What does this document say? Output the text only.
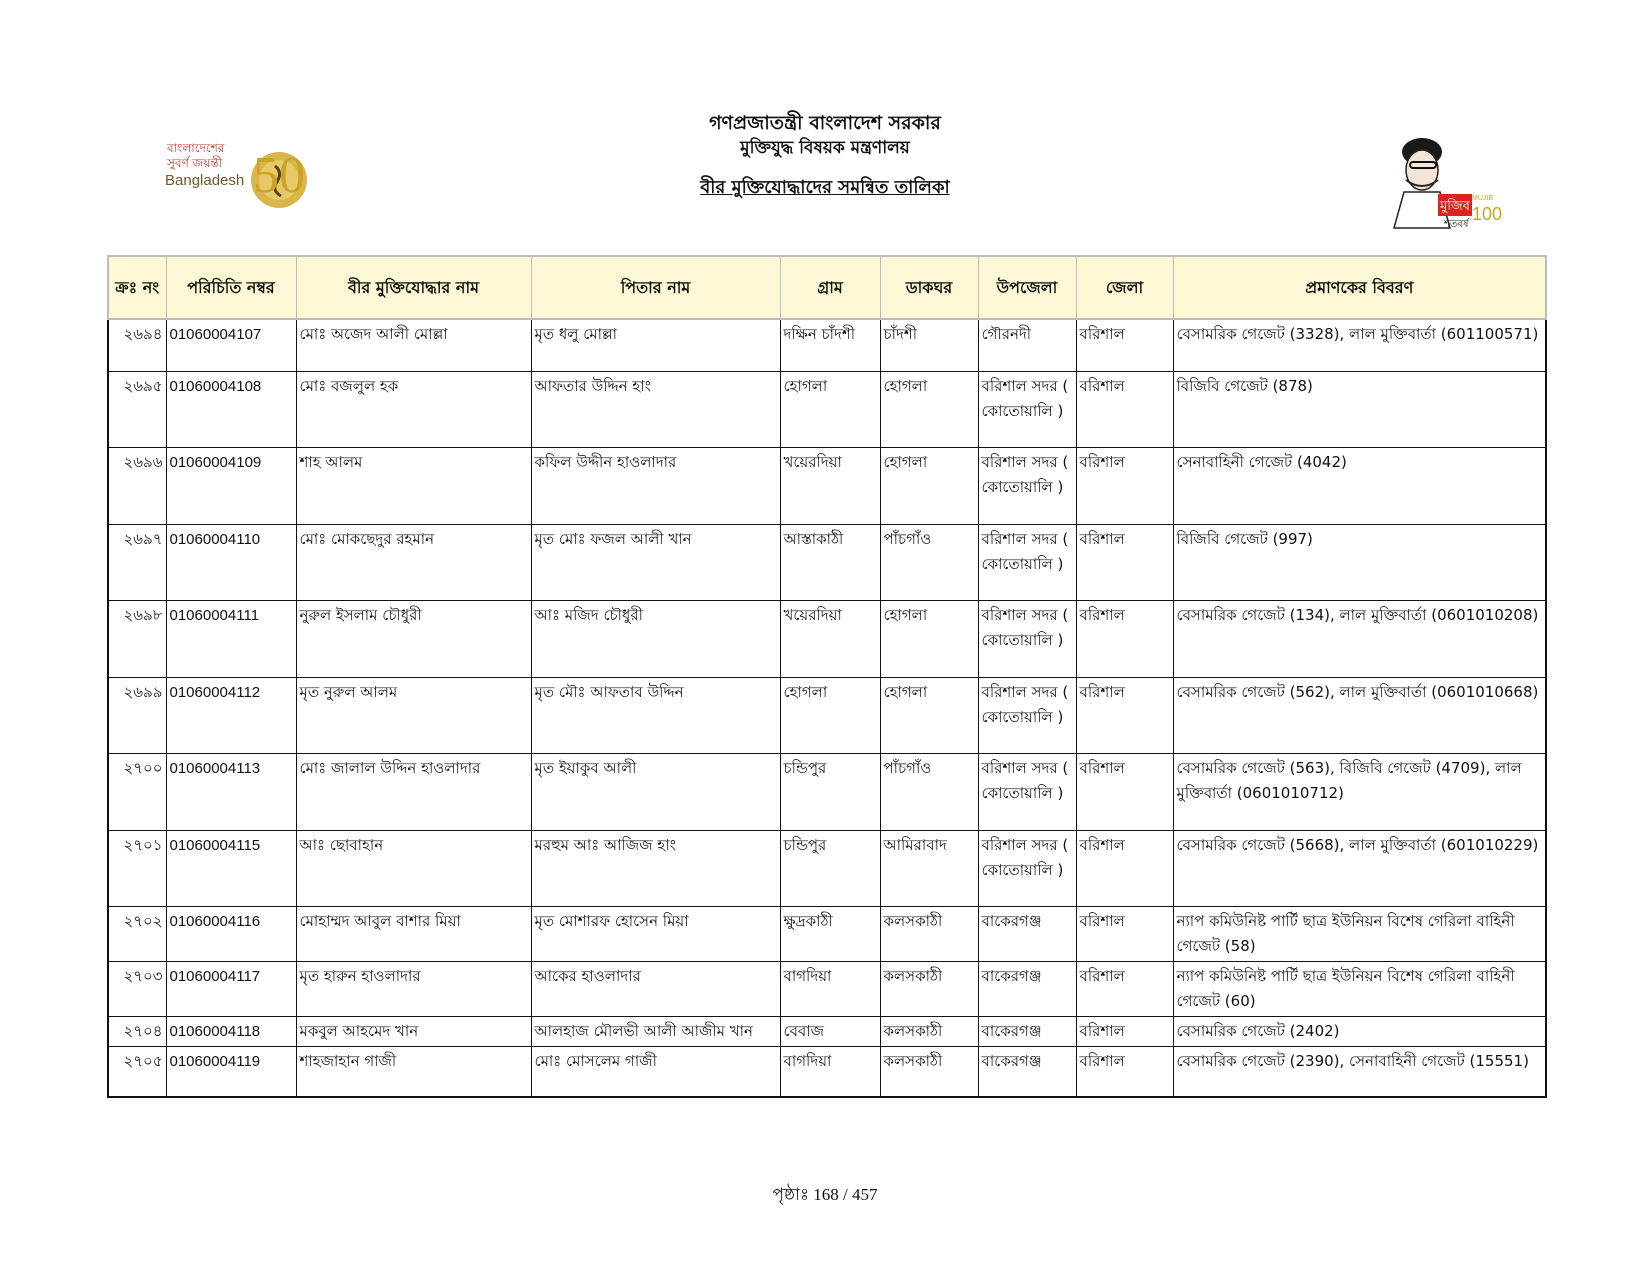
গণপ্রজাতন্ত্রী বাংলাদেশ সরকার
মুক্তিযুদ্ধ বিষয়ক মন্ত্রণালয়
বীর মুক্তিযোদ্ধাদের সমন্বিত তালিকা
50
বাংলাদেশের
সুবর্ণ জয়ন্তী
Bangladesh
মুজিব
শতবর্ষ
MUJIB
100
ক্রঃ নং	পরিচিতি নম্বর	বীর মুক্তিযোদ্ধার নাম	পিতার নাম	গ্রাম	ডাকঘর	উপজেলা	জেলা	প্রমাণকের বিবরণ
২৬৯৪	01060004107	মোঃ অজেদ আলী মোল্লা	মৃত ধলু মোল্লা	দক্ষিন চাঁদশী	চাঁদশী	গৌরনদী	বরিশাল	বেসামরিক গেজেট (3328), লাল মুক্তিবার্তা (601100571)
২৬৯৫	01060004108	মোঃ বজলুল হক	আফতার উদ্দিন হাং	হোগলা	হোগলা	বরিশাল সদর ( কোতোয়ালি )	বরিশাল	বিজিবি গেজেট (878)
২৬৯৬	01060004109	শাহ আলম	কফিল উদ্দীন হাওলাদার	খয়েরদিয়া	হোগলা	বরিশাল সদর ( কোতোয়ালি )	বরিশাল	সেনাবাহিনী গেজেট (4042)
২৬৯৭	01060004110	মোঃ মোকছেদুর রহমান	মৃত মোঃ ফজল আলী খান	আস্তাকাঠী	পাঁচগাঁও	বরিশাল সদর ( কোতোয়ালি )	বরিশাল	বিজিবি গেজেট (997)
২৬৯৮	01060004111	নুরুল ইসলাম চৌধুরী	আঃ মজিদ চৌধুরী	খয়েরদিয়া	হোগলা	বরিশাল সদর ( কোতোয়ালি )	বরিশাল	বেসামরিক গেজেট (134), লাল মুক্তিবার্তা (0601010208)
২৬৯৯	01060004112	মৃত নুরুল আলম	মৃত মৌঃ আফতাব উদ্দিন	হোগলা	হোগলা	বরিশাল সদর ( কোতোয়ালি )	বরিশাল	বেসামরিক গেজেট (562), লাল মুক্তিবার্তা (0601010668)
২৭০০	01060004113	মোঃ জালাল উদ্দিন হাওলাদার	মৃত ইয়াকুব আলী	চন্ডিপুর	পাঁচগাঁও	বরিশাল সদর ( কোতোয়ালি )	বরিশাল	বেসামরিক গেজেট (563), বিজিবি গেজেট (4709), লাল মুক্তিবার্তা (0601010712)
২৭০১	01060004115	আঃ ছোবাহান	মরহুম আঃ আজিজ হাং	চন্ডিপুর	আমিরাবাদ	বরিশাল সদর ( কোতোয়ালি )	বরিশাল	বেসামরিক গেজেট (5668), লাল মুক্তিবার্তা (601010229)
২৭০২	01060004116	মোহাম্মদ আবুল বাশার মিয়া	মৃত মোশারফ হোসেন মিয়া	ক্ষুদ্রকাঠী	কলসকাঠী	বাকেরগঞ্জ	বরিশাল	ন্যাপ কমিউনিষ্ট পার্টি ছাত্র ইউনিয়ন বিশেষ গেরিলা বাহিনী গেজেট (58)
২৭০৩	01060004117	মৃত হারুন হাওলাদার	আকের হাওলাদার	বাগদিয়া	কলসকাঠী	বাকেরগঞ্জ	বরিশাল	ন্যাপ কমিউনিষ্ট পার্টি ছাত্র ইউনিয়ন বিশেষ গেরিলা বাহিনী গেজেট (60)
২৭০৪	01060004118	মকবুল আহমেদ খান	আলহাজ মৌলভী আলী আজীম খান	বেবাজ	কলসকাঠী	বাকেরগঞ্জ	বরিশাল	বেসামরিক গেজেট (2402)
২৭০৫	01060004119	শাহজাহান গাজী	মোঃ মোসলেম গাজী	বাগদিয়া	কলসকাঠী	বাকেরগঞ্জ	বরিশাল	বেসামরিক গেজেট (2390), সেনাবাহিনী গেজেট (15551)
পৃষ্ঠাঃ 168 / 457
